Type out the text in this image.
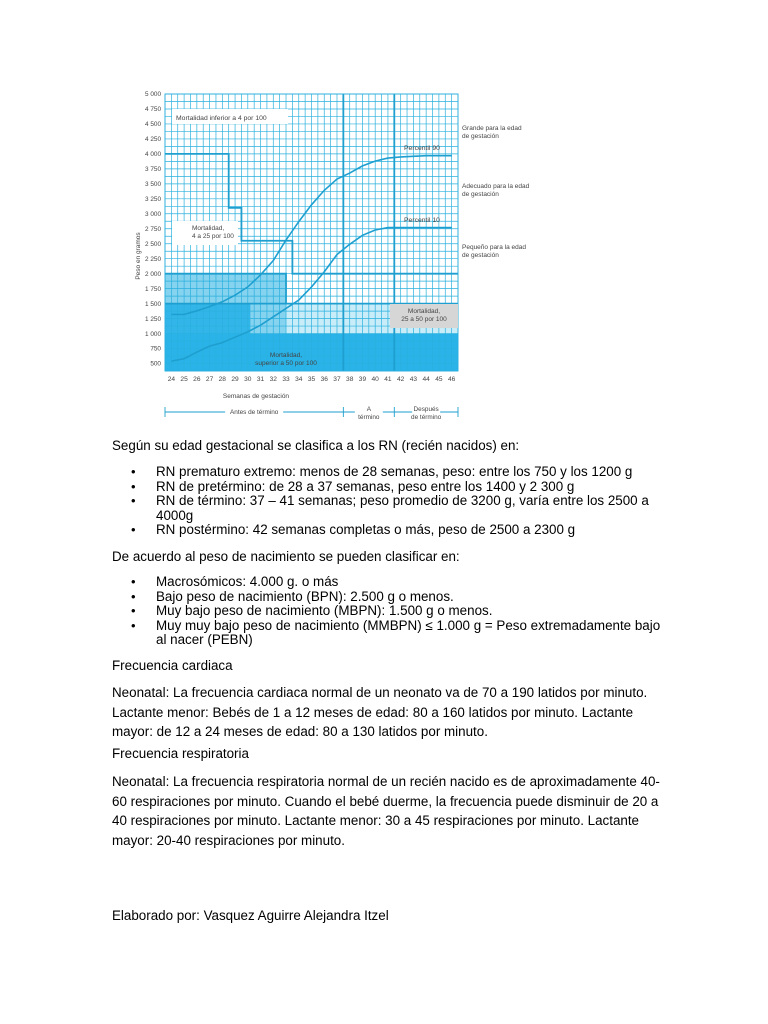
5 000
4 750
4 500
4 250
4 000
3 750
3 500
3 250
3 000
2 750
2 500
2 250
2 000
1 750
1 500
1 250
1 000
750
500
24 25 26 27 28 29 30 31 32 33 34 35 36 37 38 39 40 41 42 43 44 45 46
Peso en gramos
Semanas de gestación
Mortalidad inferior a 4 por 100
Mortalidad, 4 a 25 por 100
Mortalidad, 25 a 50 por 100
Mortalidad, superior a 50 por 100
Percentil 90
Percentil 10
Grande para la edad de gestación
Adecuado para la edad de gestación
Pequeño para la edad de gestación
Antes de término	A término
Después de término
Según su edad gestacional se clasifica a los RN (recién nacidos) en:
• RN prematuro extremo: menos de 28 semanas, peso: entre los 750 y los 1200 g
• RN de pretérmino: de 28 a 37 semanas, peso entre los 1400 y 2 300 g
• RN de término: 37 – 41 semanas; peso promedio de 3200 g, varía entre los 2500 a 4000g
• RN postérmino: 42 semanas completas o más, peso de 2500 a 2300 g
De acuerdo al peso de nacimiento se pueden clasificar en:
• Macrosómicos: 4.000 g. o más
• Bajo peso de nacimiento (BPN): 2.500 g o menos.
• Muy bajo peso de nacimiento (MBPN): 1.500 g o menos.
• Muy muy bajo peso de nacimiento (MMBPN) ≤ 1.000 g = Peso extremadamente bajo al nacer (PEBN)
Frecuencia cardiaca
Neonatal: La frecuencia cardiaca normal de un neonato va de 70 a 190 latidos por minuto. Lactante menor: Bebés de 1 a 12 meses de edad: 80 a 160 latidos por minuto. Lactante mayor: de 12 a 24 meses de edad: 80 a 130 latidos por minuto.
Frecuencia respiratoria
Neonatal: La frecuencia respiratoria normal de un recién nacido es de aproximadamente 40-60 respiraciones por minuto. Cuando el bebé duerme, la frecuencia puede disminuir de 20 a 40 respiraciones por minuto. Lactante menor: 30 a 45 respiraciones por minuto. Lactante mayor: 20-40 respiraciones por minuto.
Elaborado por: Vasquez Aguirre Alejandra Itzel
